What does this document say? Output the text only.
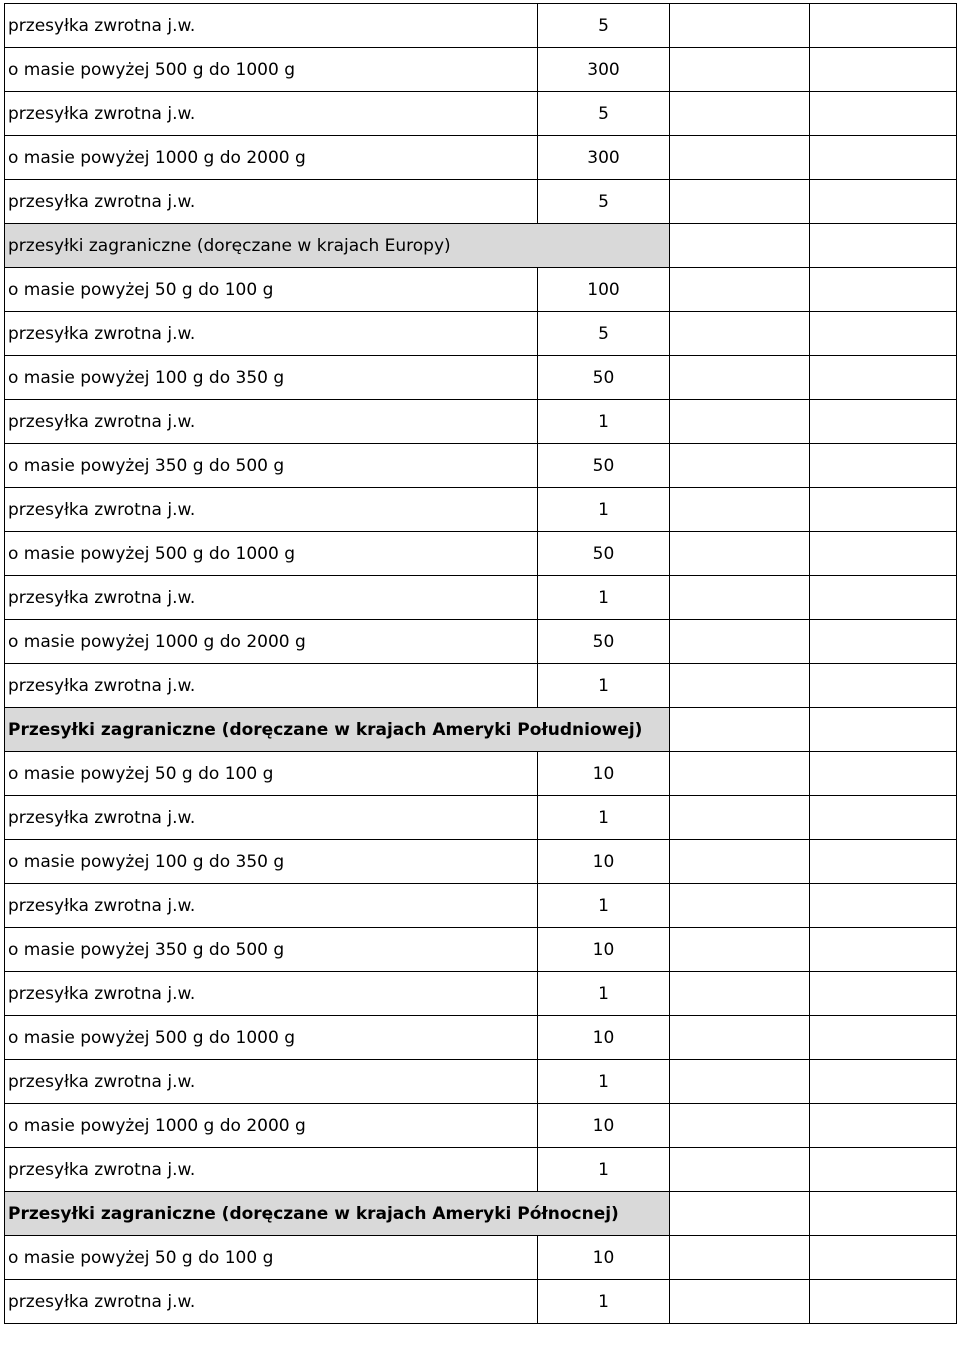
przesyłka zwrotna j.w.	5		
o masie powyżej 500 g do 1000 g	300		
przesyłka zwrotna j.w.	5		
o masie powyżej 1000 g do 2000 g	300		
przesyłka zwrotna j.w.	5		
przesyłki zagraniczne (doręczane w krajach Europy)			
o masie powyżej 50 g do 100 g	100		
przesyłka zwrotna j.w.	5		
o masie powyżej 100 g do 350 g	50		
przesyłka zwrotna j.w.	1		
o masie powyżej 350 g do 500 g	50		
przesyłka zwrotna j.w.	1		
o masie powyżej 500 g do 1000 g	50		
przesyłka zwrotna j.w.	1		
o masie powyżej 1000 g do 2000 g	50		
przesyłka zwrotna j.w.	1		
Przesyłki zagraniczne (doręczane w krajach Ameryki Południowej)			
o masie powyżej 50 g do 100 g	10		
przesyłka zwrotna j.w.	1		
o masie powyżej 100 g do 350 g	10		
przesyłka zwrotna j.w.	1		
o masie powyżej 350 g do 500 g	10		
przesyłka zwrotna j.w.	1		
o masie powyżej 500 g do 1000 g	10		
przesyłka zwrotna j.w.	1		
o masie powyżej 1000 g do 2000 g	10		
przesyłka zwrotna j.w.	1		
Przesyłki zagraniczne (doręczane w krajach Ameryki Północnej)			
o masie powyżej 50 g do 100 g	10		
przesyłka zwrotna j.w.	1		
